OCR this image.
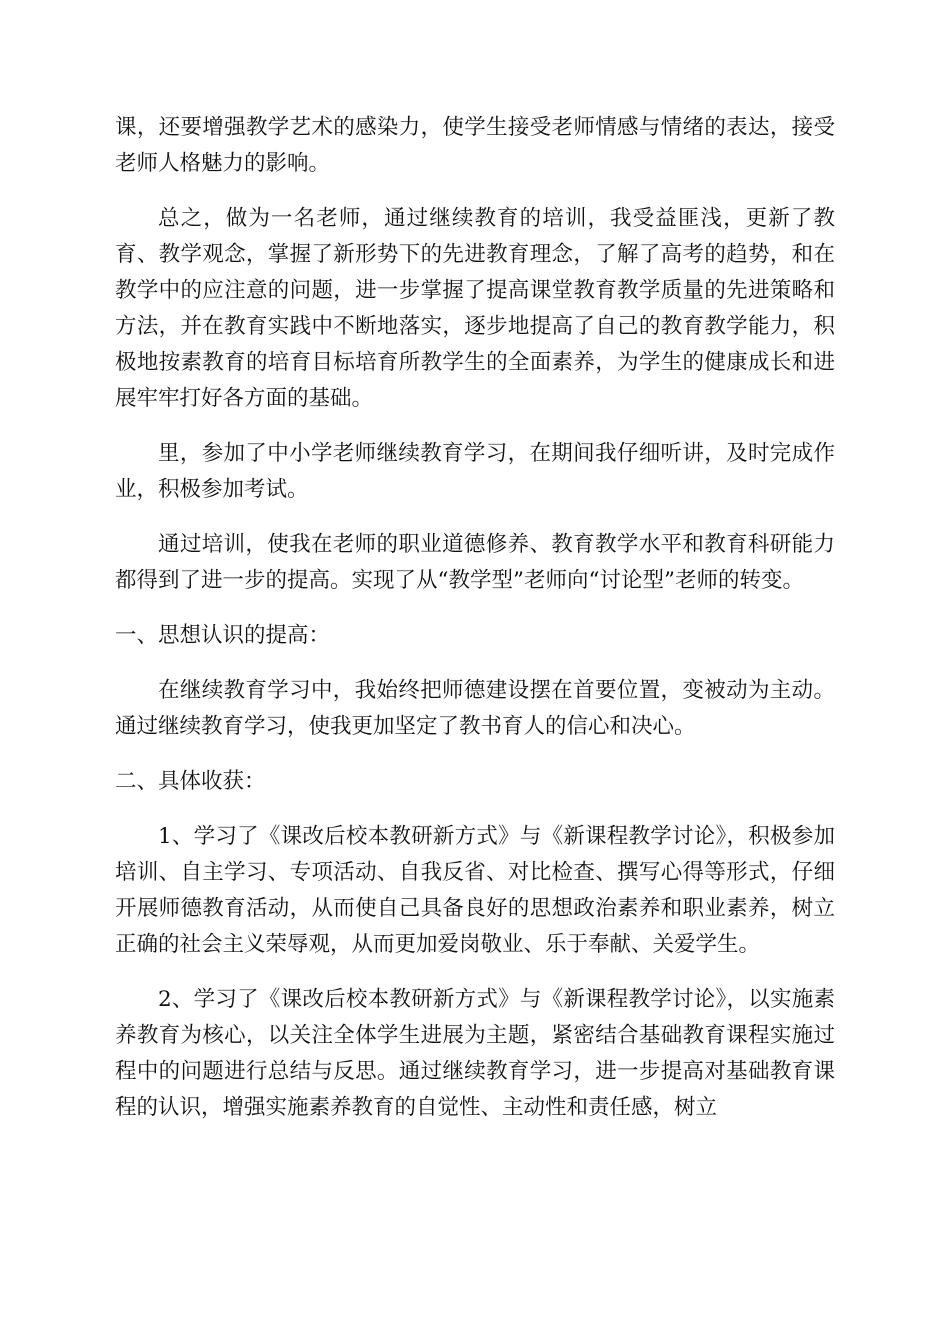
课，还要增强教学艺术的感染力，使学生接受老师情感与情绪的表达，接受老师人格魅力的影响。

总之，做为一名老师，通过继续教育的培训，我受益匪浅，更新了教育、教学观念，掌握了新形势下的先进教育理念，了解了高考的趋势，和在教学中的应注意的问题，进一步掌握了提高课堂教育教学质量的先进策略和方法，并在教育实践中不断地落实，逐步地提高了自己的教育教学能力，积极地按素教育的培育目标培育所教学生的全面素养，为学生的健康成长和进展牢牢打好各方面的基础。

里，参加了中小学老师继续教育学习，在期间我仔细听讲，及时完成作业，积极参加考试。

通过培训，使我在老师的职业道德修养、教育教学水平和教育科研能力都得到了进一步的提高。实现了从“教学型”老师向“讨论型”老师的转变。

一、思想认识的提高：

在继续教育学习中，我始终把师德建设摆在首要位置，变被动为主动。通过继续教育学习，使我更加坚定了教书育人的信心和决心。

二、具体收获：

1、学习了《课改后校本教研新方式》与《新课程教学讨论》，积极参加培训、自主学习、专项活动、自我反省、对比检查、撰写心得等形式，仔细开展师德教育活动，从而使自己具备良好的思想政治素养和职业素养，树立正确的社会主义荣辱观，从而更加爱岗敬业、乐于奉献、关爱学生。

2、学习了《课改后校本教研新方式》与《新课程教学讨论》，以实施素养教育为核心，以关注全体学生进展为主题，紧密结合基础教育课程实施过程中的问题进行总结与反思。通过继续教育学习，进一步提高对基础教育课程的认识，增强实施素养教育的自觉性、主动性和责任感，树立
